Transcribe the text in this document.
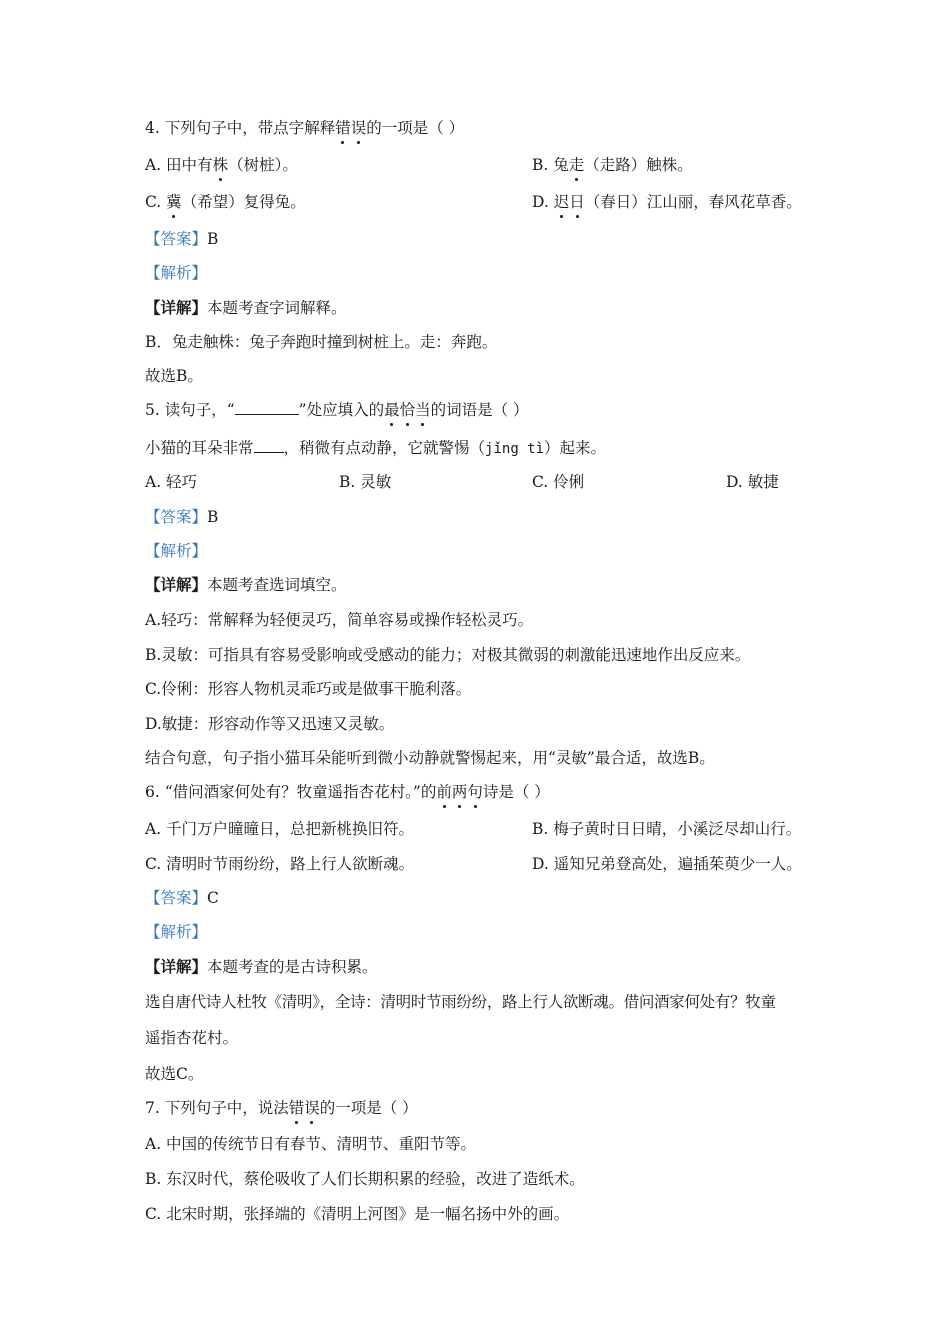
4. 下列句子中，带点字解释错误的一项是（ ）
A. 田中有株（树桩）。	B. 兔走（走路）触株。
C. 冀（希望）复得兔。	D. 迟日（春日）江山丽，春风花草香。
【答案】B
【解析】
【详解】本题考查字词解释。
B．兔走触株：兔子奔跑时撞到树桩上。走：奔跑。
故选B。
5. 读句子，“	”处应填入的最恰当的词语是（ ）
小猫的耳朵非常 ，稍微有点动静，它就警惕（jǐng tì）起来。
A. 轻巧	B. 灵敏	C. 伶俐	D. 敏捷
【答案】B
【解析】
【详解】本题考查选词填空。
A.轻巧：常解释为轻便灵巧，简单容易或操作轻松灵巧。
B.灵敏：可指具有容易受影响或受感动的能力；对极其微弱的刺激能迅速地作出反应来。
C.伶俐：形容人物机灵乖巧或是做事干脆利落。
D.敏捷：形容动作等又迅速又灵敏。
结合句意，句子指小猫耳朵能听到微小动静就警惕起来，用“灵敏”最合适，故选B。
6. “借问酒家何处有？牧童遥指杏花村。”的前两句诗是（ ）
A. 千门万户曈曈日，总把新桃换旧符。	B. 梅子黄时日日晴，小溪泛尽却山行。
C. 清明时节雨纷纷，路上行人欲断魂。	D. 遥知兄弟登高处，遍插茱萸少一人。
【答案】C
【解析】
【详解】本题考查的是古诗积累。
选自唐代诗人杜牧《清明》，全诗：清明时节雨纷纷，路上行人欲断魂。借问酒家何处有？牧童
遥指杏花村。
故选C。
7. 下列句子中，说法错误的一项是（ ）
A. 中国的传统节日有春节、清明节、重阳节等。
B. 东汉时代，蔡伦吸收了人们长期积累的经验，改进了造纸术。
C. 北宋时期，张择端的《清明上河图》是一幅名扬中外的画。
